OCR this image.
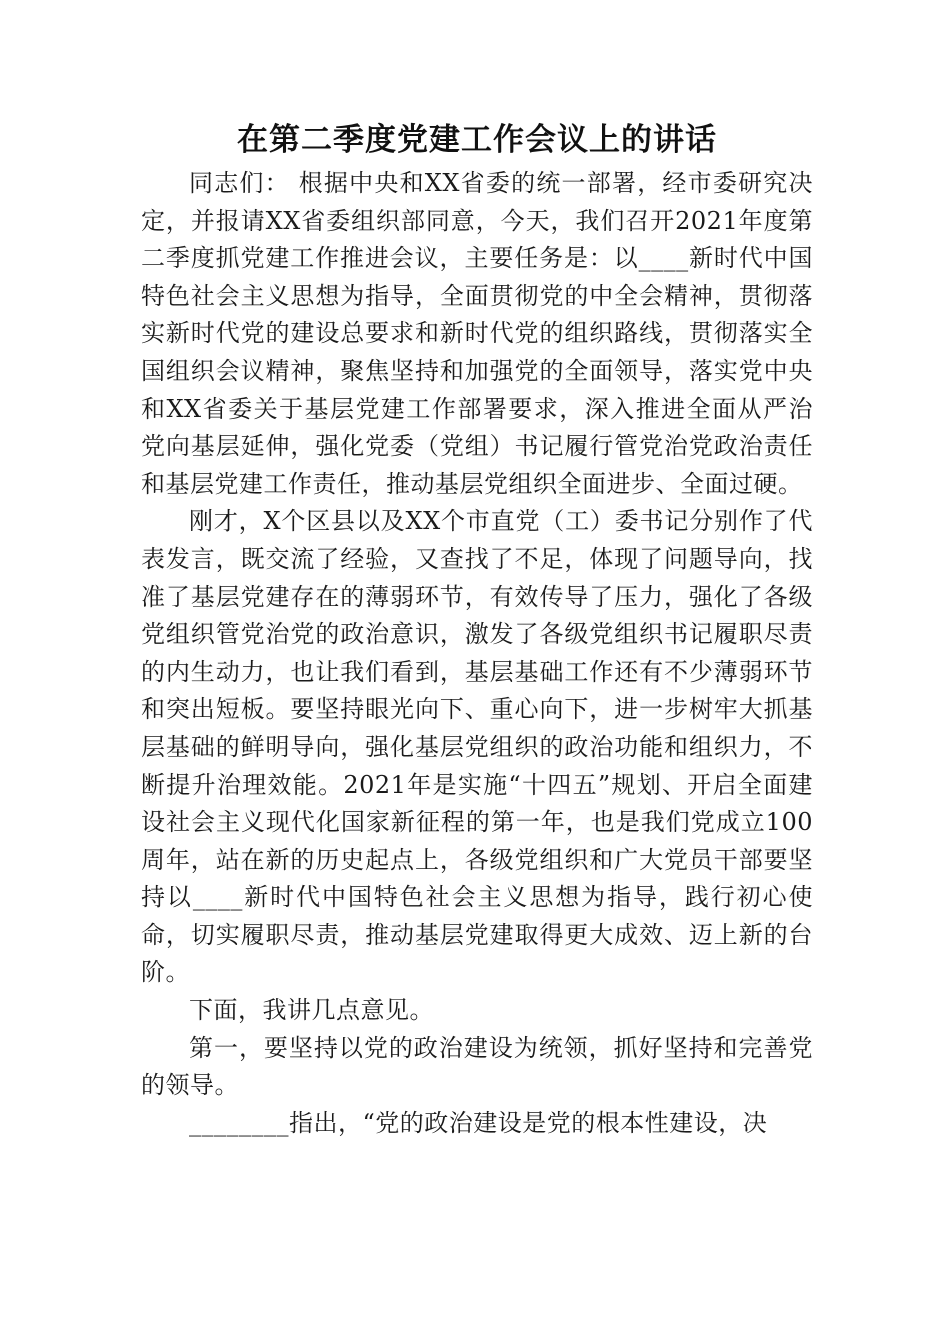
在第二季度党建工作会议上的讲话

同志们： 根据中央和XX省委的统一部署，经市委研究决定，并报请XX省委组织部同意，今天，我们召开2021年度第二季度抓党建工作推进会议，主要任务是：以____新时代中国特色社会主义思想为指导，全面贯彻党的中全会精神，贯彻落实新时代党的建设总要求和新时代党的组织路线，贯彻落实全国组织会议精神，聚焦坚持和加强党的全面领导，落实党中央和XX省委关于基层党建工作部署要求，深入推进全面从严治党向基层延伸，强化党委（党组）书记履行管党治党政治责任和基层党建工作责任，推动基层党组织全面进步、全面过硬。

刚才，X个区县以及XX个市直党（工）委书记分别作了代表发言，既交流了经验，又查找了不足，体现了问题导向，找准了基层党建存在的薄弱环节，有效传导了压力，强化了各级党组织管党治党的政治意识，激发了各级党组织书记履职尽责的内生动力，也让我们看到，基层基础工作还有不少薄弱环节和突出短板。要坚持眼光向下、重心向下，进一步树牢大抓基层基础的鲜明导向，强化基层党组织的政治功能和组织力，不断提升治理效能。2021年是实施“十四五”规划、开启全面建设社会主义现代化国家新征程的第一年，也是我们党成立100周年，站在新的历史起点上，各级党组织和广大党员干部要坚持以____新时代中国特色社会主义思想为指导，践行初心使命，切实履职尽责，推动基层党建取得更大成效、迈上新的台阶。

下面，我讲几点意见。

第一，要坚持以党的政治建设为统领，抓好坚持和完善党的领导。

________指出，“党的政治建设是党的根本性建设，决
